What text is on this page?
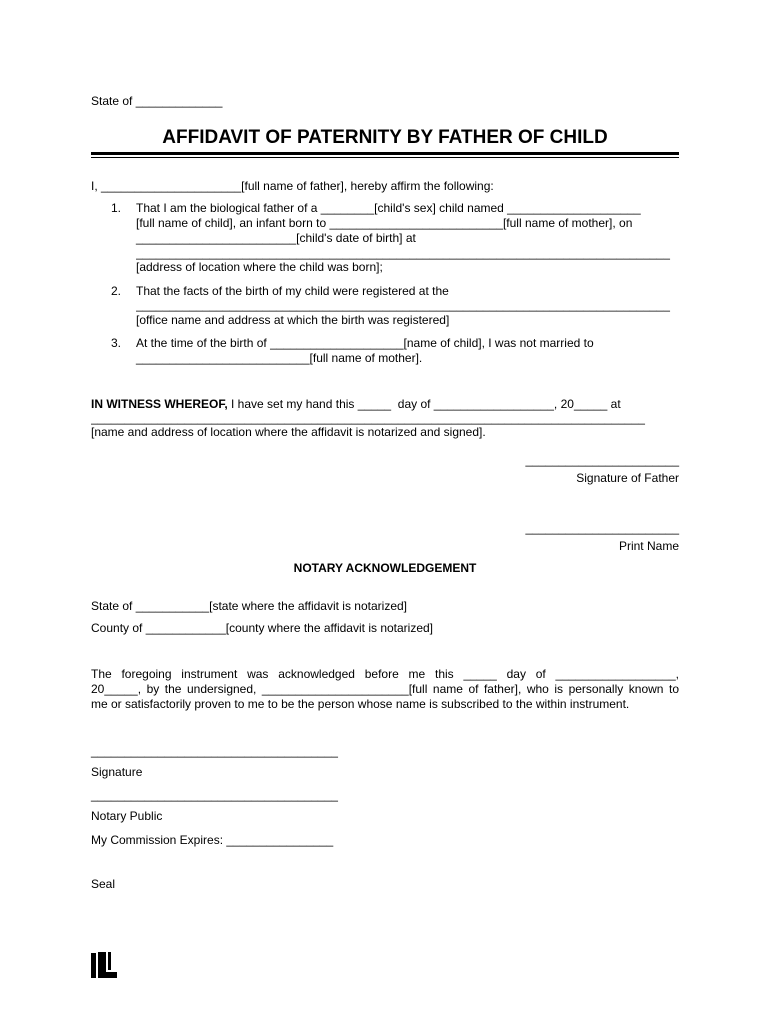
State of _____________
AFFIDAVIT OF PATERNITY BY FATHER OF CHILD
I, _____________________[full name of father], hereby affirm the following:
1. That I am the biological father of a ________[child's sex] child named ____________________
[full name of child], an infant born to __________________________[full name of mother], on
________________________[child's date of birth] at
________________________________________________________________________________
[address of location where the child was born];
2. That the facts of the birth of my child were registered at the
________________________________________________________________________________
[office name and address at which the birth was registered]
3. At the time of the birth of ____________________[name of child], I was not married to
__________________________[full name of mother].
IN WITNESS WHEREOF, I have set my hand this _____  day of __________________, 20_____ at
___________________________________________________________________________________
[name and address of location where the affidavit is notarized and signed].
_______________________
Signature of Father
_______________________
Print Name
NOTARY ACKNOWLEDGEMENT
State of ___________[state where the affidavit is notarized]
County of ____________[county where the affidavit is notarized]
The foregoing instrument was acknowledged before me this _____ day of __________________,
20_____, by the undersigned, ______________________[full name of father], who is personally known to
me or satisfactorily proven to me to be the person whose name is subscribed to the within instrument.
_____________________________________
Signature
_____________________________________
Notary Public
My Commission Expires: ________________
Seal
